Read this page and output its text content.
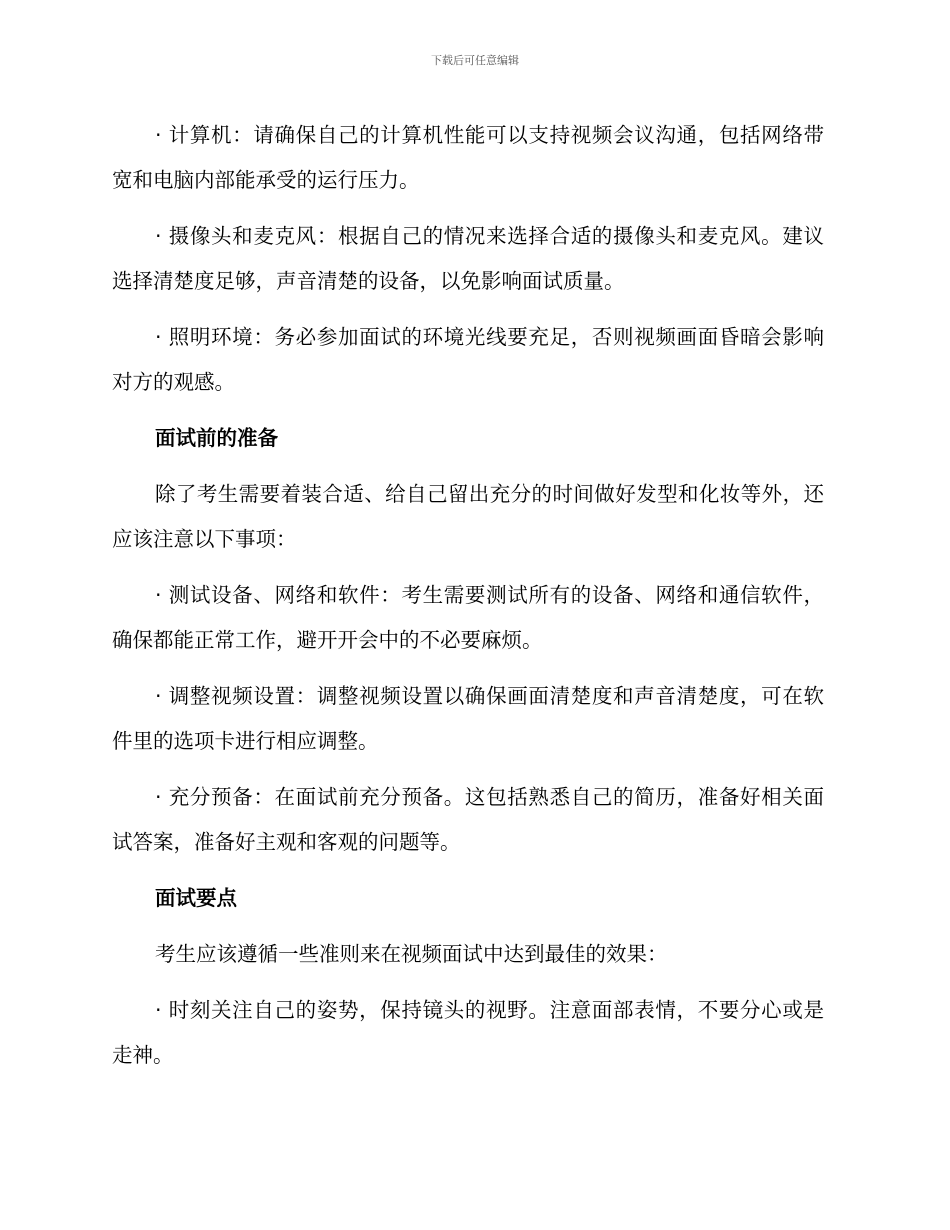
下载后可任意编辑

· 计算机：请确保自己的计算机性能可以支持视频会议沟通，包括网络带宽和电脑内部能承受的运行压力。

· 摄像头和麦克风：根据自己的情况来选择合适的摄像头和麦克风。建议选择清楚度足够，声音清楚的设备，以免影响面试质量。

· 照明环境：务必参加面试的环境光线要充足，否则视频画面昏暗会影响对方的观感。

面试前的准备

除了考生需要着装合适、给自己留出充分的时间做好发型和化妆等外，还应该注意以下事项：

· 测试设备、网络和软件：考生需要测试所有的设备、网络和通信软件，确保都能正常工作，避开开会中的不必要麻烦。

· 调整视频设置：调整视频设置以确保画面清楚度和声音清楚度，可在软件里的选项卡进行相应调整。

· 充分预备：在面试前充分预备。这包括熟悉自己的简历，准备好相关面试答案，准备好主观和客观的问题等。

面试要点

考生应该遵循一些准则来在视频面试中达到最佳的效果：

· 时刻关注自己的姿势，保持镜头的视野。注意面部表情，不要分心或是走神。
